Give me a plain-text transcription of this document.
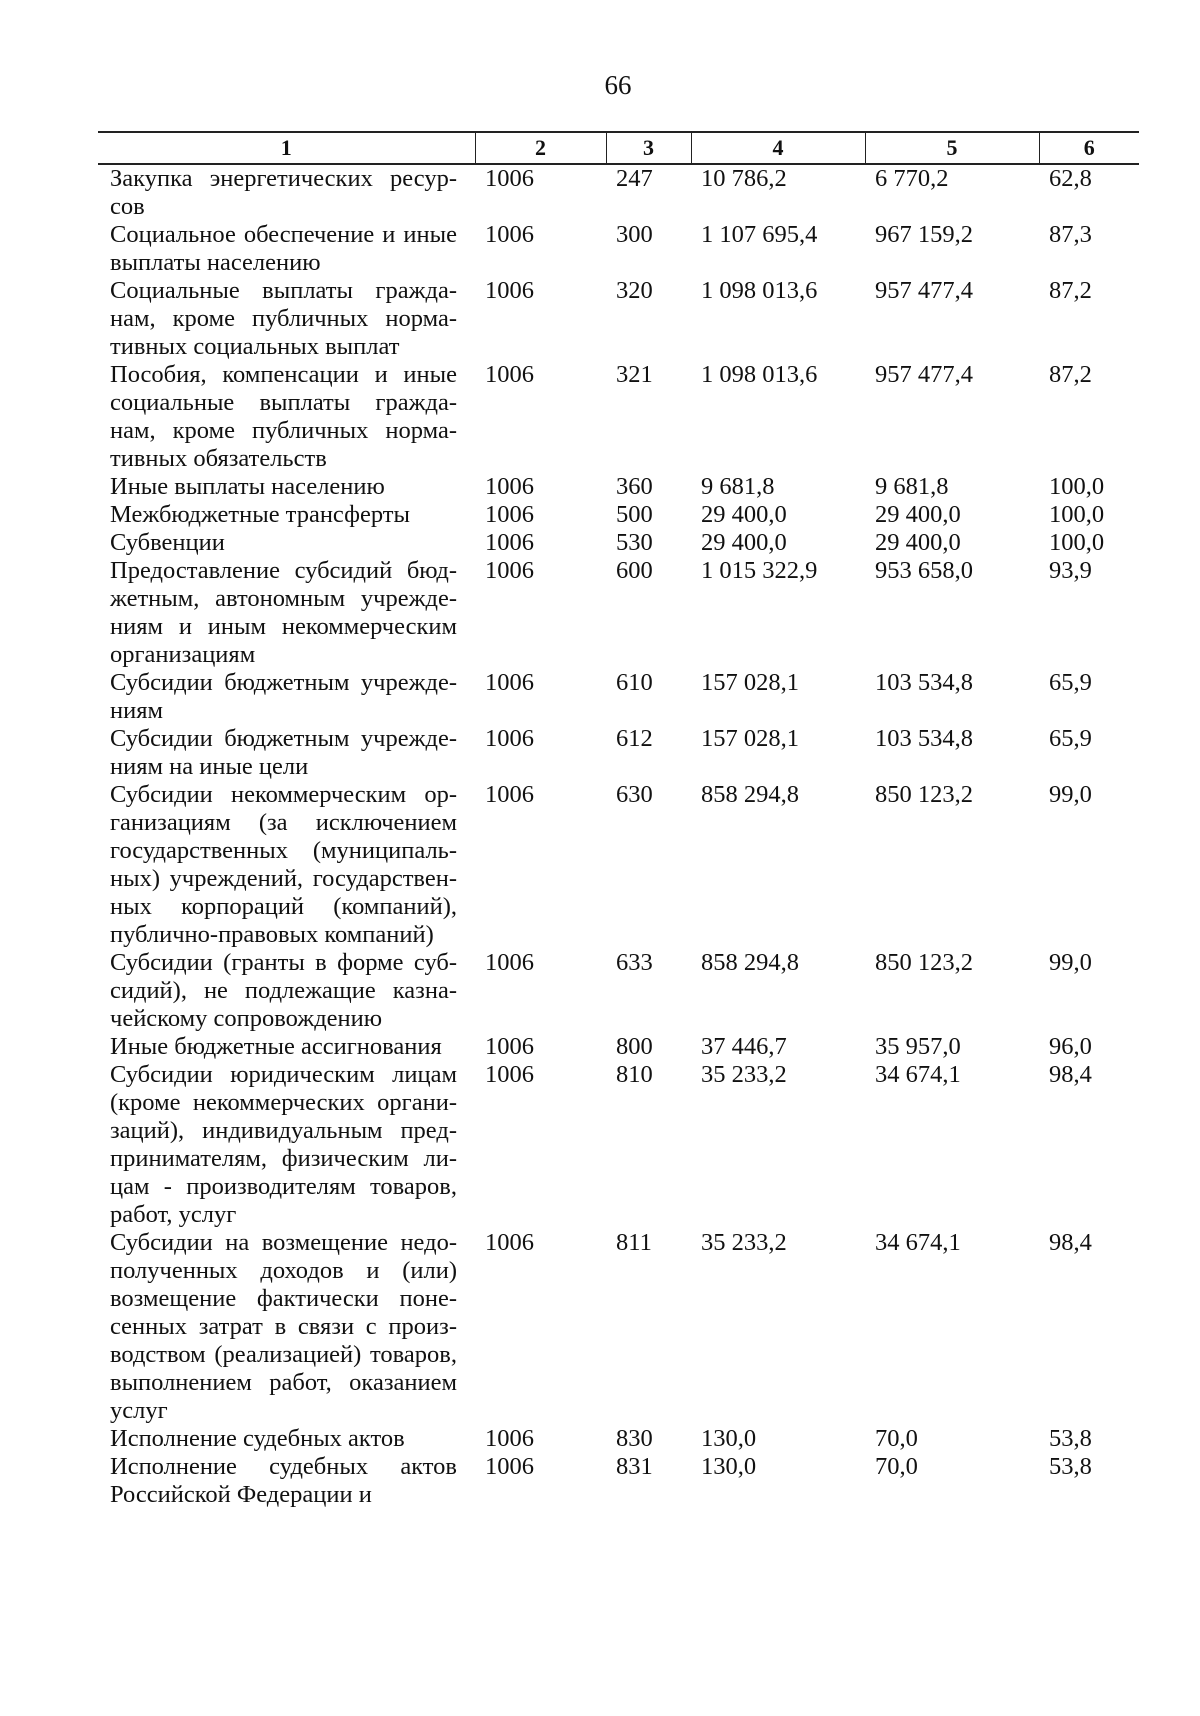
66
1	2	3	4	5	6
Закупка энергетических ресур-сов	1006	247	10 786,2	6 770,2	62,8
Социальное обеспечение и иные выплаты населению	1006	300	1 107 695,4	967 159,2	87,3
Социальные выплаты гражда-нам, кроме публичных норма-тивных социальных выплат	1006	320	1 098 013,6	957 477,4	87,2
Пособия, компенсации и иные социальные выплаты гражда-нам, кроме публичных норма-тивных обязательств	1006	321	1 098 013,6	957 477,4	87,2
Иные выплаты населению	1006	360	9 681,8	9 681,8	100,0
Межбюджетные трансферты	1006	500	29 400,0	29 400,0	100,0
Субвенции	1006	530	29 400,0	29 400,0	100,0
Предоставление субсидий бюд-жетным, автономным учрежде-ниям и иным некоммерческим организациям	1006	600	1 015 322,9	953 658,0	93,9
Субсидии бюджетным учрежде-ниям	1006	610	157 028,1	103 534,8	65,9
Субсидии бюджетным учрежде-ниям на иные цели	1006	612	157 028,1	103 534,8	65,9
Субсидии некоммерческим ор-ганизациям (за исключением государственных (муниципаль-ных) учреждений, государствен-ных корпораций (компаний), публично-правовых компаний)	1006	630	858 294,8	850 123,2	99,0
Субсидии (гранты в форме суб-сидий), не подлежащие казна-чейскому сопровождению	1006	633	858 294,8	850 123,2	99,0
Иные бюджетные ассигнования	1006	800	37 446,7	35 957,0	96,0
Субсидии юридическим лицам (кроме некоммерческих органи-заций), индивидуальным пред-принимателям, физическим ли-цам - производителям товаров, работ, услуг	1006	810	35 233,2	34 674,1	98,4
Субсидии на возмещение недо-полученных доходов и (или) возмещение фактически поне-сенных затрат в связи с произ-водством (реализацией) товаров, выполнением работ, оказанием услуг	1006	811	35 233,2	34 674,1	98,4
Исполнение судебных актов	1006	830	130,0	70,0	53,8
Исполнение судебных актов Российской Федерации и	1006	831	130,0	70,0	53,8
